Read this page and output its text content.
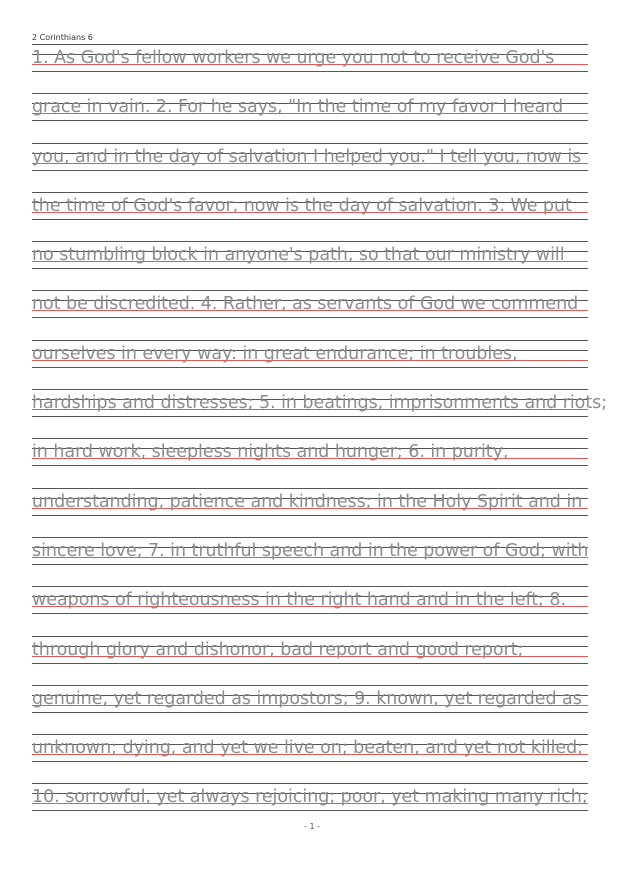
2 Corinthians 6
1. As God's fellow workers we urge you not to receive God's
grace in vain. 2. For he says, "In the time of my favor I heard
you, and in the day of salvation I helped you." I tell you, now is
the time of God's favor, now is the day of salvation. 3. We put
no stumbling block in anyone's path, so that our ministry will
not be discredited. 4. Rather, as servants of God we commend
ourselves in every way: in great endurance; in troubles,
hardships and distresses; 5. in beatings, imprisonments and riots;
in hard work, sleepless nights and hunger; 6. in purity,
understanding, patience and kindness; in the Holy Spirit and in
sincere love; 7. in truthful speech and in the power of God; with
weapons of righteousness in the right hand and in the left; 8.
through glory and dishonor, bad report and good report;
genuine, yet regarded as impostors; 9. known, yet regarded as
unknown; dying, and yet we live on; beaten, and yet not killed;
10. sorrowful, yet always rejoicing; poor, yet making many rich;
- 1 -
